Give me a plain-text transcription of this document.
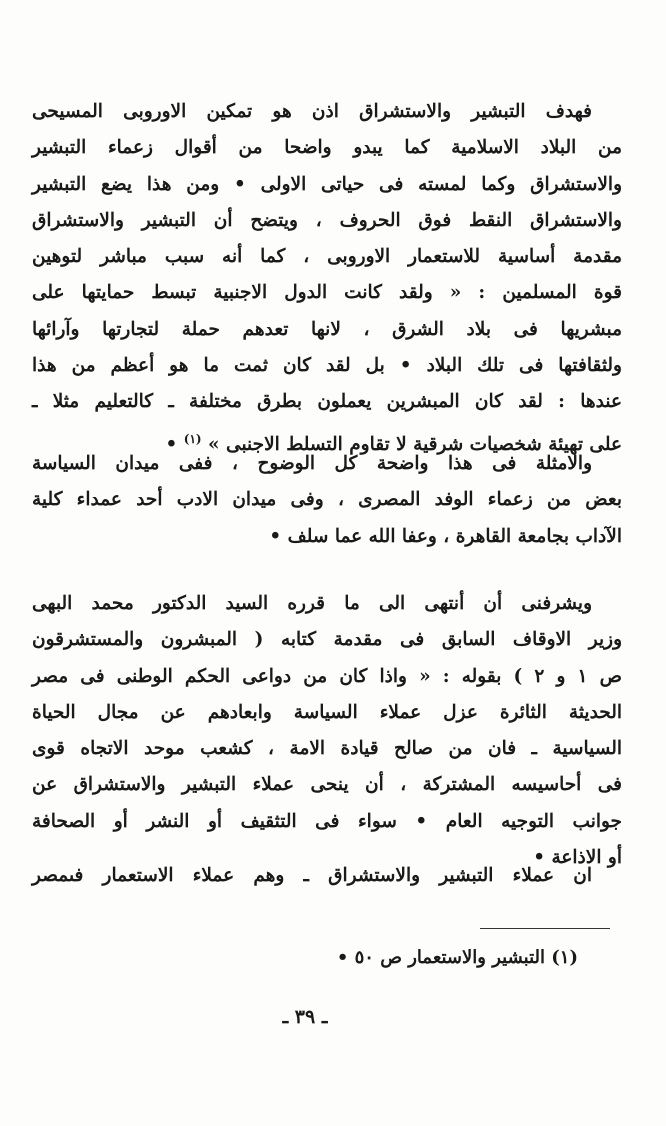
فهدف التبشير والاستشراق اذن هو تمكين الاوروبى المسيحى
من البلاد الاسلامية كما يبدو واضحا من أقوال زعماء التبشير
والاستشراق وكما لمسته فى حياتى الاولى • ومن هذا يضع التبشير
والاستشراق النقط فوق الحروف ، ويتضح أن التبشير والاستشراق
مقدمة أساسية للاستعمار الاوروبى ، كما أنه سبب مباشر لتوهين
قوة المسلمين : « ولقد كانت الدول الاجنبية تبسط حمايتها على
مبشريها فى بلاد الشرق ، لانها تعدهم حملة لتجارتها وآرائها
ولثقافتها فى تلك البلاد • بل لقد كان ثمت ما هو أعظم من هذا
عندها : لقد كان المبشرين يعملون بطرق مختلفة ـ كالتعليم مثلا ـ
على تهيئة شخصيات شرقية لا تقاوم التسلط الاجنبى » $^{(١)}$ •
والامثلة فى هذا واضحة كل الوضوح ، ففى ميدان السياسة
بعض من زعماء الوفد المصرى ، وفى ميدان الادب أحد عمداء كلية
الآداب بجامعة القاهرة ، وعفا الله عما سلف •
ويشرفنى أن أنتهى الى ما قرره السيد الدكتور محمد البهى
وزير الاوقاف السابق فى مقدمة كتابه ( المبشرون والمستشرقون
ص ١ و ٢ ) بقوله : « واذا كان من دواعى الحكم الوطنى فى مصر
الحديثة الثائرة عزل عملاء السياسة وابعادهم عن مجال الحياة
السياسية ـ فان من صالح قيادة الامة ، كشعب موحد الاتجاه قوى
فى أحاسيسه المشتركة ، أن ينحى عملاء التبشير والاستشراق عن
جوانب التوجيه العام • سواء فى التثقيف أو النشر أو الصحافة
أو الاذاعة •
ان عملاء التبشير والاستشراق ـ وهم عملاء الاستعمار فىمصر
(١) التبشير والاستعمار ص ٥٠ •
ـ ٣٩ ـ
